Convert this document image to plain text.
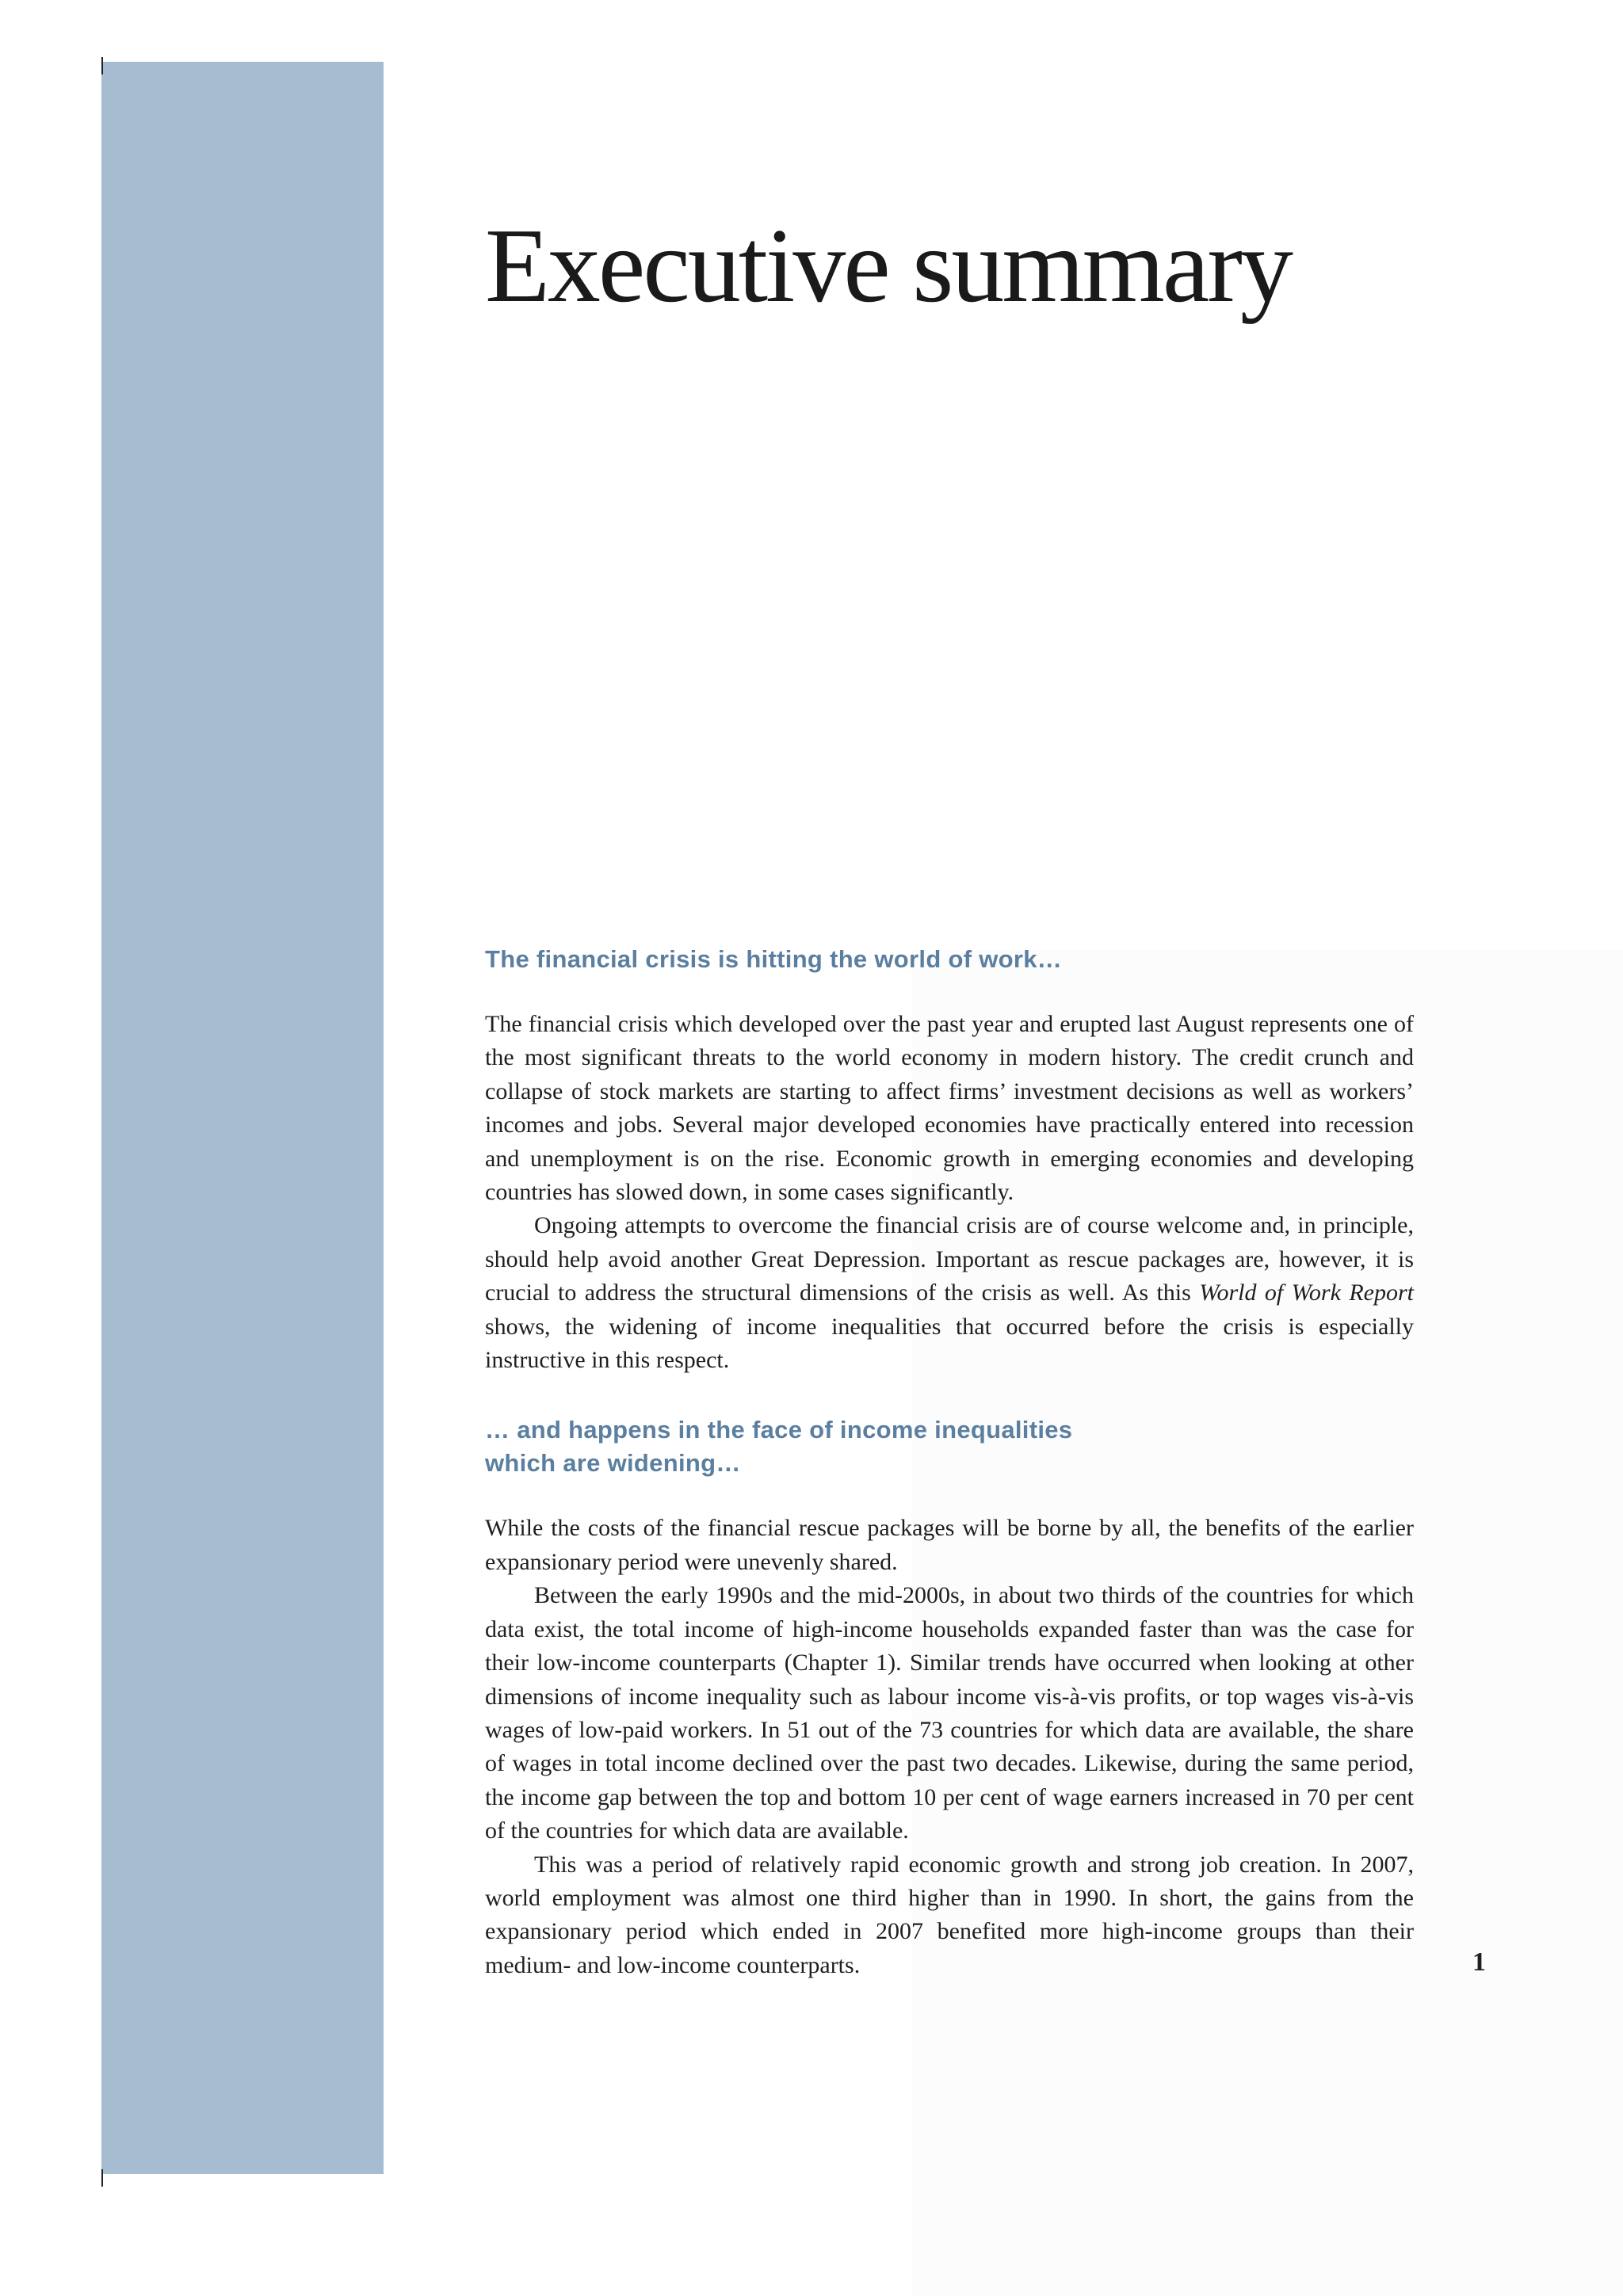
Executive summary

The financial crisis is hitting the world of work…

The financial crisis which developed over the past year and erupted last August represents one of the most significant threats to the world economy in modern history. The credit crunch and collapse of stock markets are starting to affect firms’ investment decisions as well as workers’ incomes and jobs. Several major developed economies have practically entered into recession and unemployment is on the rise. Economic growth in emerging economies and developing countries has slowed down, in some cases significantly.

Ongoing attempts to overcome the financial crisis are of course welcome and, in principle, should help avoid another Great Depression. Important as rescue packages are, however, it is crucial to address the structural dimensions of the crisis as well. As this World of Work Report shows, the widening of income inequalities that occurred before the crisis is especially instructive in this respect.

… and happens in the face of income inequalities
which are widening…

While the costs of the financial rescue packages will be borne by all, the benefits of the earlier expansionary period were unevenly shared.

Between the early 1990s and the mid-2000s, in about two thirds of the countries for which data exist, the total income of high-income households expanded faster than was the case for their low-income counterparts (Chapter 1). Similar trends have occurred when looking at other dimensions of income inequality such as labour income vis-à-vis profits, or top wages vis-à-vis wages of low-paid workers. In 51 out of the 73 countries for which data are available, the share of wages in total income declined over the past two decades. Likewise, during the same period, the income gap between the top and bottom 10 per cent of wage earners increased in 70 per cent of the countries for which data are available.

This was a period of relatively rapid economic growth and strong job creation. In 2007, world employment was almost one third higher than in 1990. In short, the gains from the expansionary period which ended in 2007 benefited more high-income groups than their medium- and low-income counterparts.	1
